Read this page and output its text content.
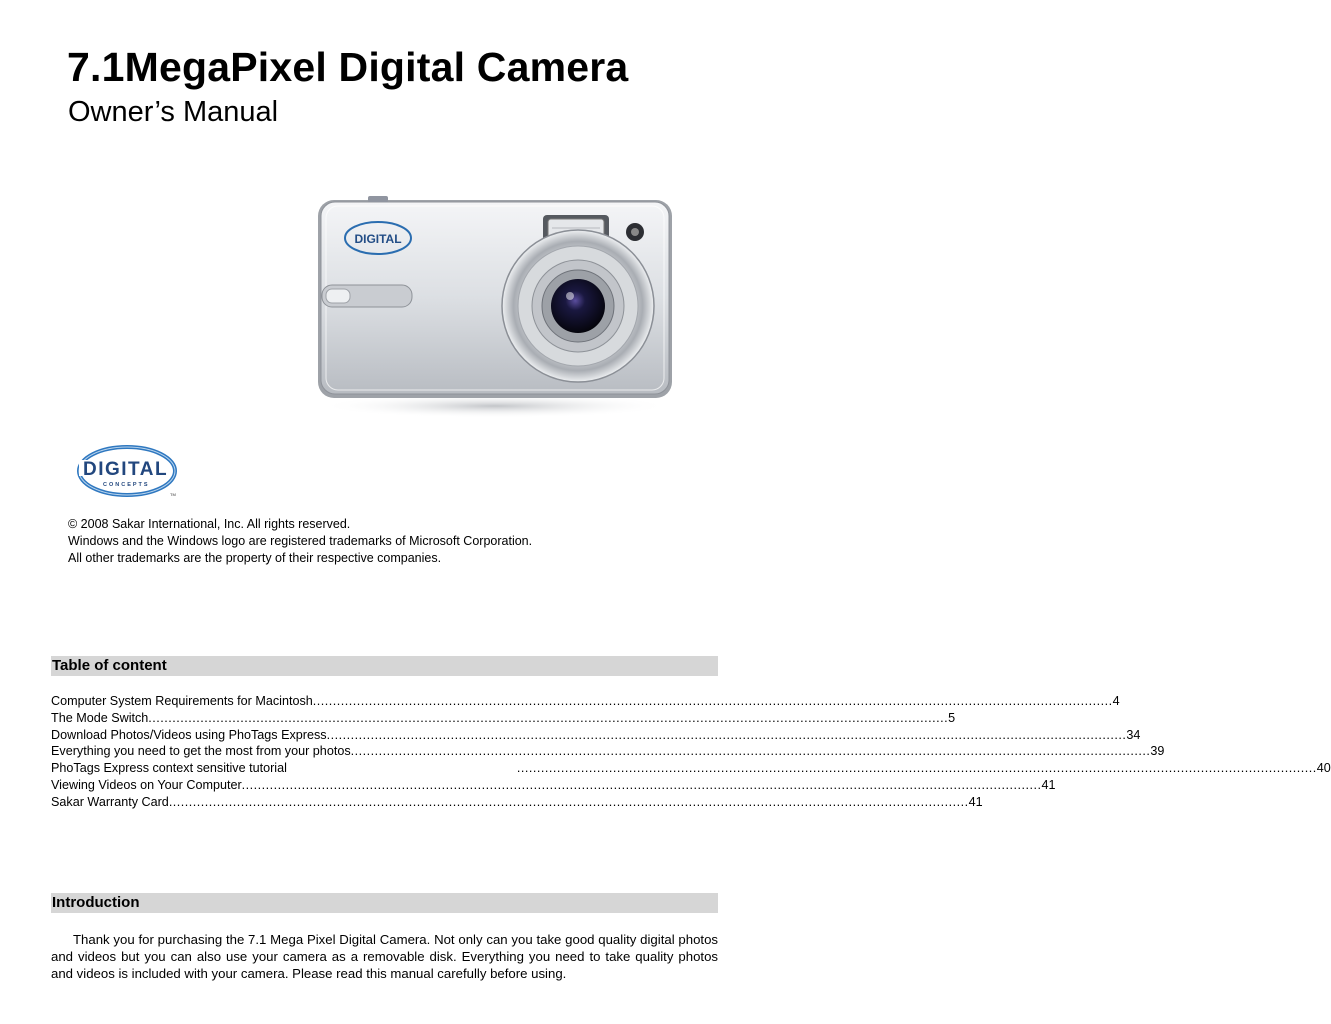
7.1MegaPixel Digital Camera
Owner’s Manual
DIGITAL
DIGITAL
CONCEPTS
TM
© 2008 Sakar International, Inc. All rights reserved.
Windows and the Windows logo are registered trademarks of Microsoft Corporation.
All other trademarks are the property of their respective companies.
Table of content
Computer System Requirements for Macintosh ........................................................................................................................................................................................................ 4
The Mode Switch ........................................................................................................................................................................................................ 5
Download Photos/Videos using PhoTags Express ........................................................................................................................................................................................................ 34
Everything you need to get the most from your photos ........................................................................................................................................................................................................ 39
PhoTags Express context sensitive tutorial	........................................................................................................................................................................................................ 40
Viewing Videos on Your Computer ........................................................................................................................................................................................................ 41
Sakar Warranty Card ........................................................................................................................................................................................................ 41
Introduction
Thank you for purchasing the 7.1 Mega Pixel Digital Camera. Not only can you take good quality digital photos and videos but you can also use your camera as a removable disk. Everything you need to take quality photos and videos is included with your camera. Please read this manual carefully before using.
